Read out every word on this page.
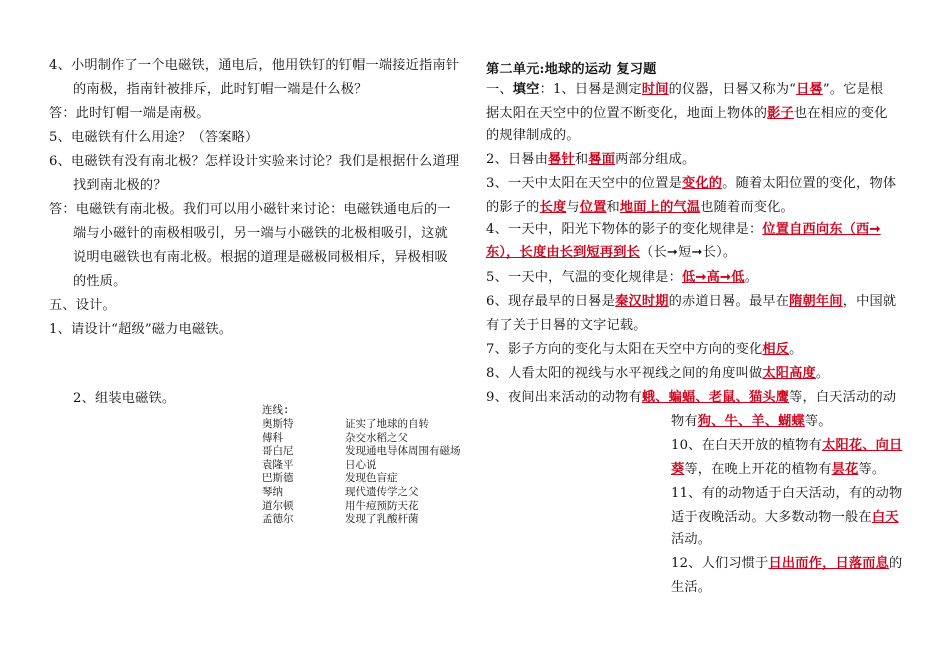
4、小明制作了一个电磁铁，通电后，他用铁钉的钉帽一端接近指南针
的南极，指南针被排斥，此时钉帽一端是什么极？
答：此时钉帽一端是南极。
5、电磁铁有什么用途？（答案略）
6、电磁铁有没有南北极？怎样设计实验来讨论？我们是根据什么道理
找到南北极的？
答：电磁铁有南北极。我们可以用小磁针来讨论：电磁铁通电后的一
端与小磁针的南极相吸引，另一端与小磁铁的北极相吸引，这就
说明电磁铁也有南北极。根据的道理是磁极同极相斥，异极相吸
的性质。
五、设计。
1、请设计“超级”磁力电磁铁。
2、组装电磁铁。
连线:
奥斯特
傅科
哥白尼
袁隆平
巴斯德
琴纳
道尔顿
孟德尔
证实了地球的自转
杂交水稻之父
发现通电导体周围有磁场
日心说
发现色盲症
现代遗传学之父
用牛痘预防天花
发现了乳酸杆菌
第二单元:地球的运动 复习题
一、填空：1、日晷是测定时间的仪器，日晷又称为“日晷”。它是根
据太阳在天空中的位置不断变化，地面上物体的影子也在相应的变化
的规律制成的。
2、日晷由晷针和晷面两部分组成。
3、一天中太阳在天空中的位置是变化的。随着太阳位置的变化，物体
的影子的长度与位置和地面上的气温也随着而变化。
4、一天中，阳光下物体的影子的变化规律是：位置自西向东（西➞
东），长度由长到短再到长（长➞短➞长）。
5、一天中，气温的变化规律是：低➞高➞低。
6、现存最早的日晷是秦汉时期的赤道日晷。最早在隋朝年间，中国就
有了关于日晷的文字记载。
7、影子方向的变化与太阳在天空中方向的变化相反。
8、人看太阳的视线与水平视线之间的角度叫做太阳高度。
9、夜间出来活动的动物有蛾、蝙蝠、老鼠、猫头鹰等，白天活动的动
物有狗、牛、羊、蝴蝶等。
10、在白天开放的植物有太阳花、向日
葵等，在晚上开花的植物有昙花等。
11、有的动物适于白天活动，有的动物
适于夜晚活动。大多数动物一般在白天
活动。
12、人们习惯于日出而作，日落而息的
生活。
